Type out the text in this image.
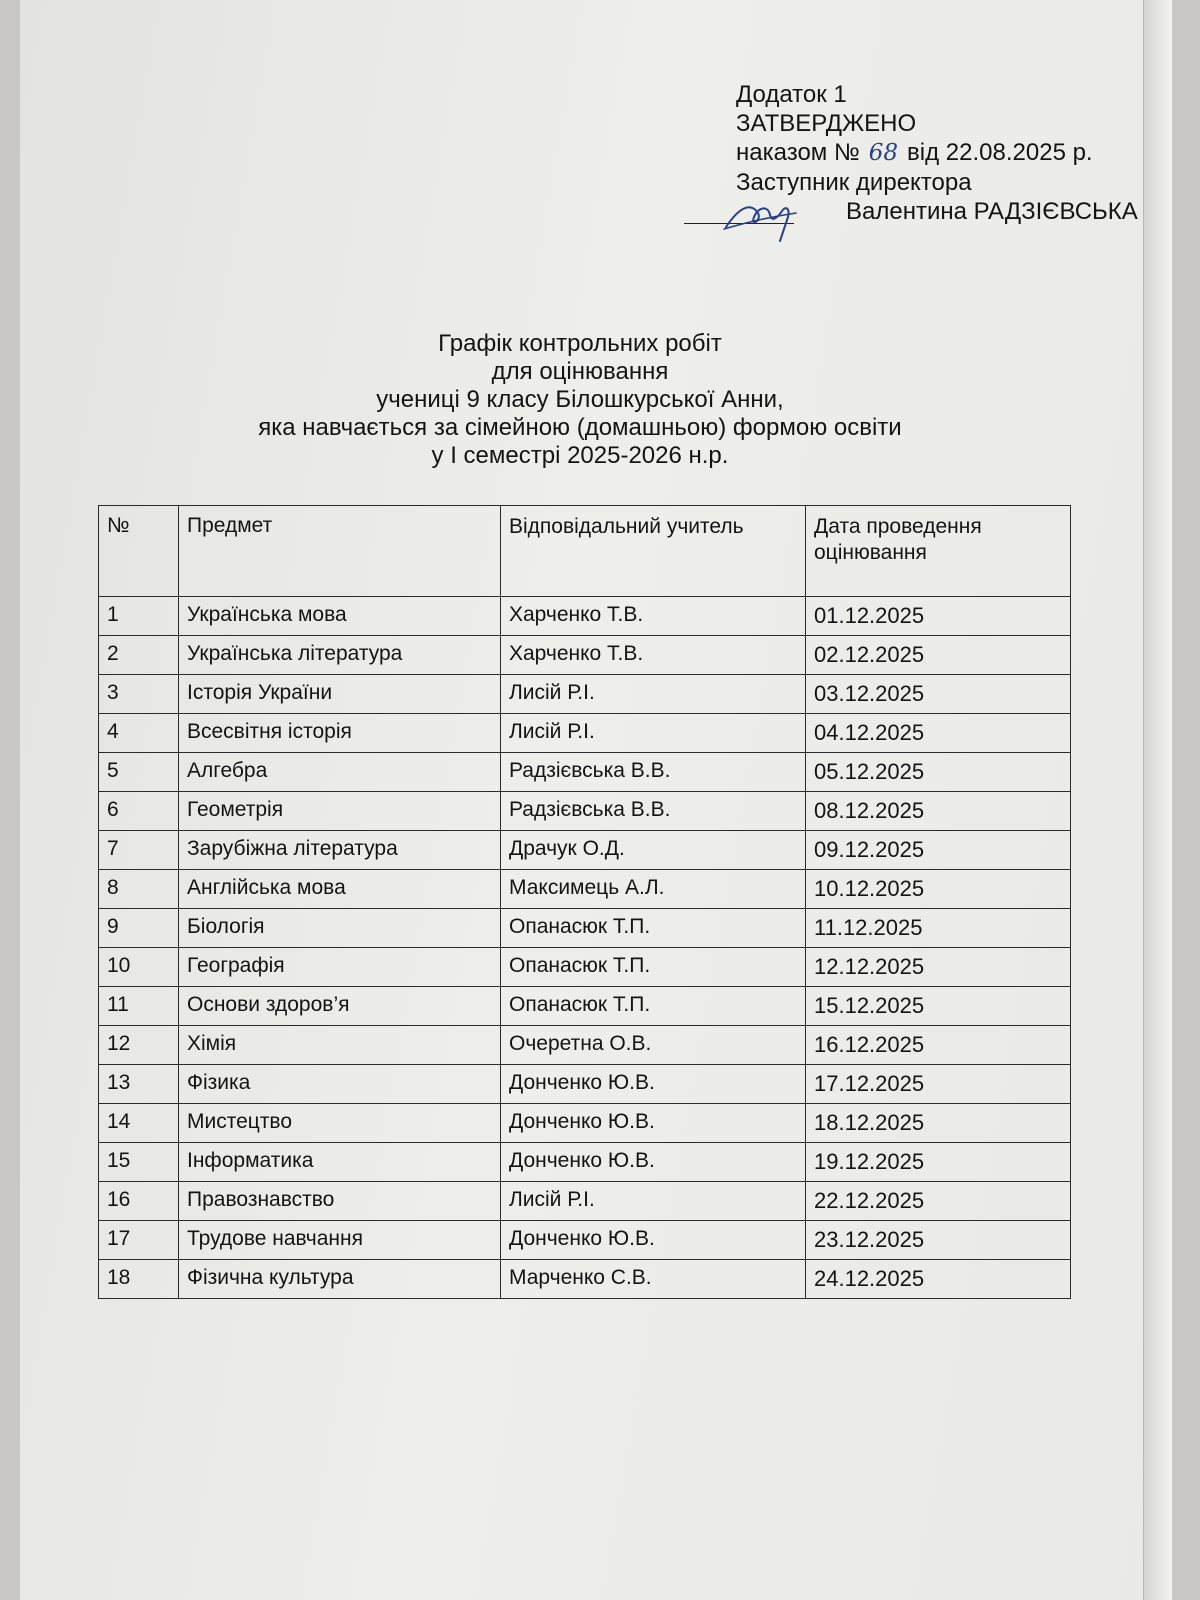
Додаток 1
ЗАТВЕРДЖЕНО
наказом № 68 від 22.08.2025 р.
Заступник директора
Валентина РАДЗІЄВСЬКА
Графік контрольних робіт
для оцінювання
учениці 9 класу Білошкурської Анни,
яка навчається за сімейною (домашньою) формою освіти
у І семестрі 2025-2026 н.р.
№	Предмет	Відповідальний учитель	Дата проведення оцінювання
1	Українська мова	Харченко Т.В.	01.12.2025
2	Українська література	Харченко Т.В.	02.12.2025
3	Історія України	Лисій Р.І.	03.12.2025
4	Всесвітня історія	Лисій Р.І.	04.12.2025
5	Алгебра	Радзієвська В.В.	05.12.2025
6	Геометрія	Радзієвська В.В.	08.12.2025
7	Зарубіжна література	Драчук О.Д.	09.12.2025
8	Англійська мова	Максимець А.Л.	10.12.2025
9	Біологія	Опанасюк Т.П.	11.12.2025
10	Географія	Опанасюк Т.П.	12.12.2025
11	Основи здоров’я	Опанасюк Т.П.	15.12.2025
12	Хімія	Очеретна О.В.	16.12.2025
13	Фізика	Донченко Ю.В.	17.12.2025
14	Мистецтво	Донченко Ю.В.	18.12.2025
15	Інформатика	Донченко Ю.В.	19.12.2025
16	Правознавство	Лисій Р.І.	22.12.2025
17	Трудове навчання	Донченко Ю.В.	23.12.2025
18	Фізична культура	Марченко С.В.	24.12.2025
